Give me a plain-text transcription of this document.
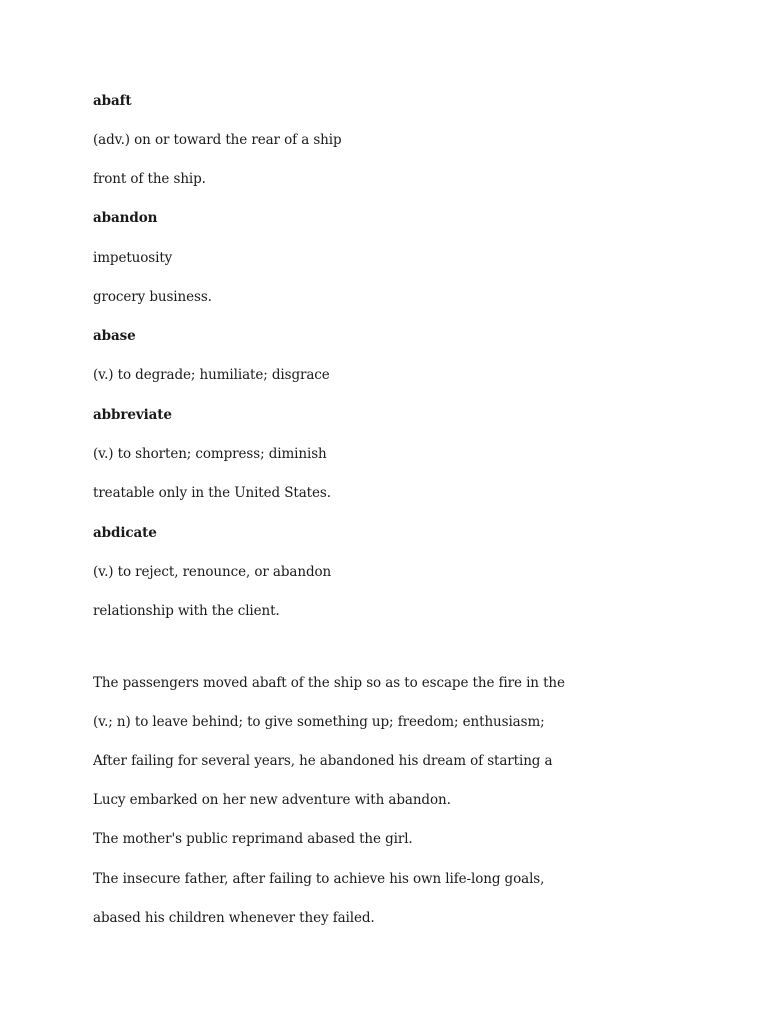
abaft
(adv.) on or toward the rear of a ship
front of the ship.
abandon
impetuosity
grocery business.
abase
(v.) to degrade; humiliate; disgrace
abbreviate
(v.) to shorten; compress; diminish
treatable only in the United States.
abdicate
(v.) to reject, renounce, or abandon
relationship with the client.
The passengers moved abaft of the ship so as to escape the fire in the
(v.; n) to leave behind; to give something up; freedom; enthusiasm;
After failing for several years, he abandoned his dream of starting a
Lucy embarked on her new adventure with abandon.
The mother's public reprimand abased the girl.
The insecure father, after failing to achieve his own life-long goals,
abased his children whenever they failed.
